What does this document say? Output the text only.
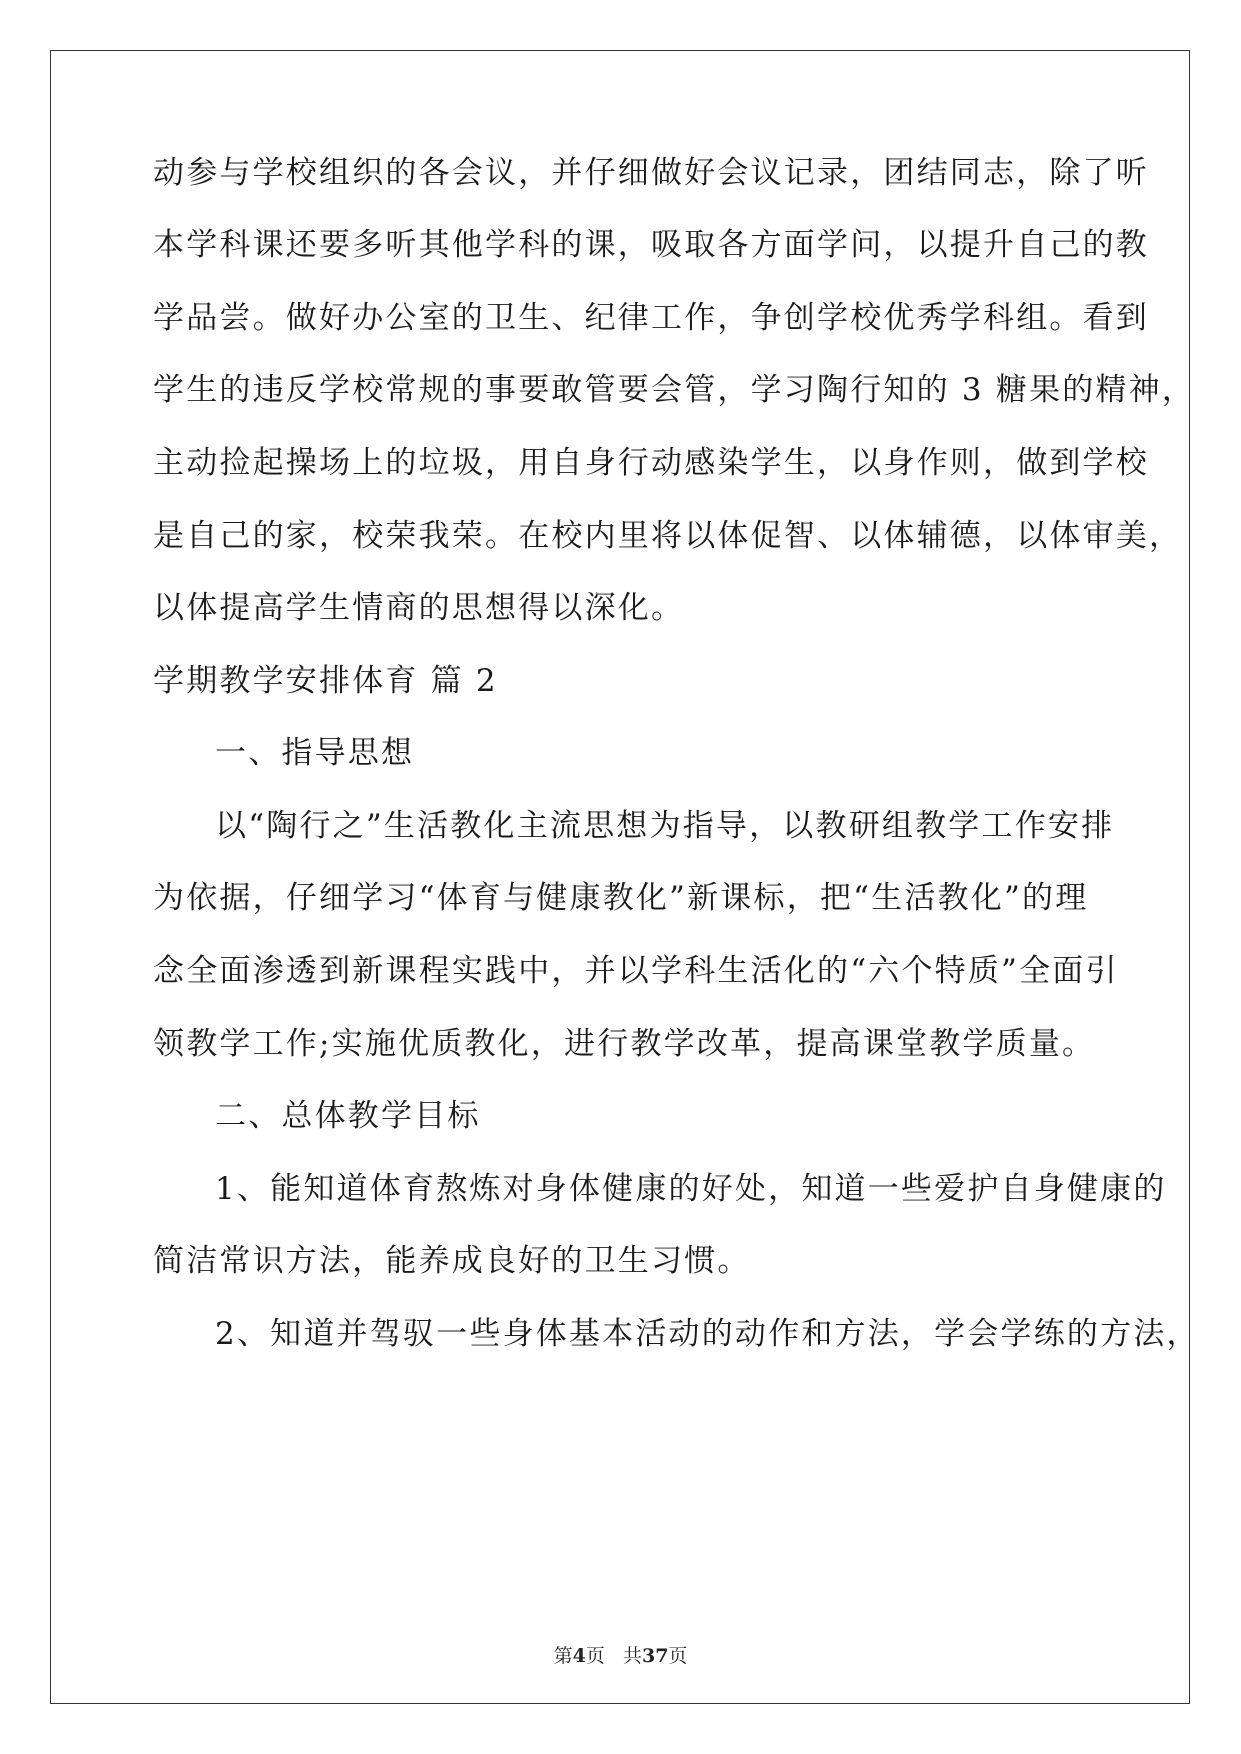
动参与学校组织的各会议，并仔细做好会议记录，团结同志，除了听
本学科课还要多听其他学科的课，吸取各方面学问，以提升自己的教
学品尝。做好办公室的卫生、纪律工作，争创学校优秀学科组。看到
学生的违反学校常规的事要敢管要会管，学习陶行知的 3 糖果的精神，
主动捡起操场上的垃圾，用自身行动感染学生，以身作则，做到学校
是自己的家，校荣我荣。在校内里将以体促智、以体辅德，以体审美，
以体提高学生情商的思想得以深化。
学期教学安排体育 篇 2
一、指导思想
以“陶行之”生活教化主流思想为指导，以教研组教学工作安排
为依据，仔细学习“体育与健康教化”新课标，把“生活教化”的理
念全面渗透到新课程实践中，并以学科生活化的“六个特质”全面引
领教学工作;实施优质教化，进行教学改革，提高课堂教学质量。
二、总体教学目标
1、能知道体育熬炼对身体健康的好处，知道一些爱护自身健康的
简洁常识方法，能养成良好的卫生习惯。
2、知道并驾驭一些身体基本活动的动作和方法，学会学练的方法，
第4页 共37页
